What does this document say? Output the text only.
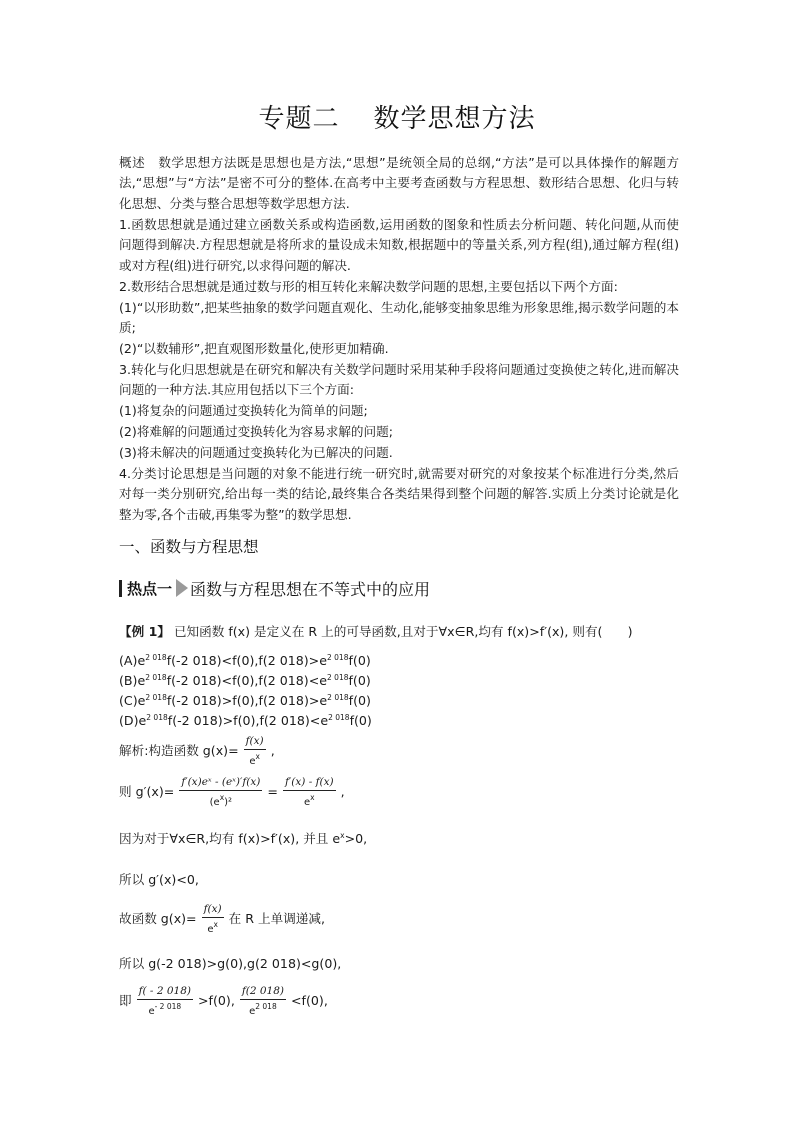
专题二 数学思想方法

概述　数学思想方法既是思想也是方法,“思想”是统领全局的总纲,“方法”是可以具体操作的解题方法,“思想”与“方法”是密不可分的整体.在高考中主要考查函数与方程思想、数形结合思想、化归与转化思想、分类与整合思想等数学思想方法.

1.函数思想就是通过建立函数关系或构造函数,运用函数的图象和性质去分析问题、转化问题,从而使问题得到解决.方程思想就是将所求的量设成未知数,根据题中的等量关系,列方程(组),通过解方程(组)或对方程(组)进行研究,以求得问题的解决.

2.数形结合思想就是通过数与形的相互转化来解决数学问题的思想,主要包括以下两个方面:

(1)“以形助数”,把某些抽象的数学问题直观化、生动化,能够变抽象思维为形象思维,揭示数学问题的本质;

(2)“以数辅形”,把直观图形数量化,使形更加精确.

3.转化与化归思想就是在研究和解决有关数学问题时采用某种手段将问题通过变换使之转化,进而解决问题的一种方法.其应用包括以下三个方面:

(1)将复杂的问题通过变换转化为简单的问题;

(2)将难解的问题通过变换转化为容易求解的问题;

(3)将未解决的问题通过变换转化为已解决的问题.

4.分类讨论思想是当问题的对象不能进行统一研究时,就需要对研究的对象按某个标准进行分类,然后对每一类分别研究,给出每一类的结论,最终集合各类结果得到整个问题的解答.实质上分类讨论就是化整为零,各个击破,再集零为整”的数学思想.

一、函数与方程思想
热点一 函数与方程思想在不等式中的应用
【例 1】 已知函数 f(x) 是定义在 R 上的可导函数,且对于∀x∈R,均有 f(x)>f′(x), 则有(　　)
$(A)e^{2 018}f(-2$ 018)<f(0),f(2 $018)>e^{2 018}f(0)$
$(B)e^{2 018}f(-2$ 018)<f(0),f(2 $018)<e^{2 018}f(0)$
$(C)e^{2 018}f(-2$ 018)>f(0),f(2 $018)>e^{2 018}f(0)$
$(D)e^{2 018}f(-2$ 018)>f(0),f(2 $018)<e^{2 018}f(0)$
解析:构造函数 $g(x)= \frac{f(x)}{e^x}$ ,
则 $g'(x)= \frac{\text{f′(x)eˣ - (eˣ)′f(x)}}{(e^x)^2} = \frac{f'(x) - f(x)}{e^x}$ ,
因为对于∀x∈R,均有 f(x)>f′(x), 并且 $e^x>0$,
所以 g′(x)<0,
故函数 $g(x)= \frac{f(x)}{e^x}$ 在 R 上单调递减,
所以 g(-2 018)>g(0),g(2 018)<g(0),
即 $\frac{f( - 2 018)}{e^{- 2 018}} >f(0)$, $\frac{f(2 018)}{e^{2 018}} <f(0)$,
